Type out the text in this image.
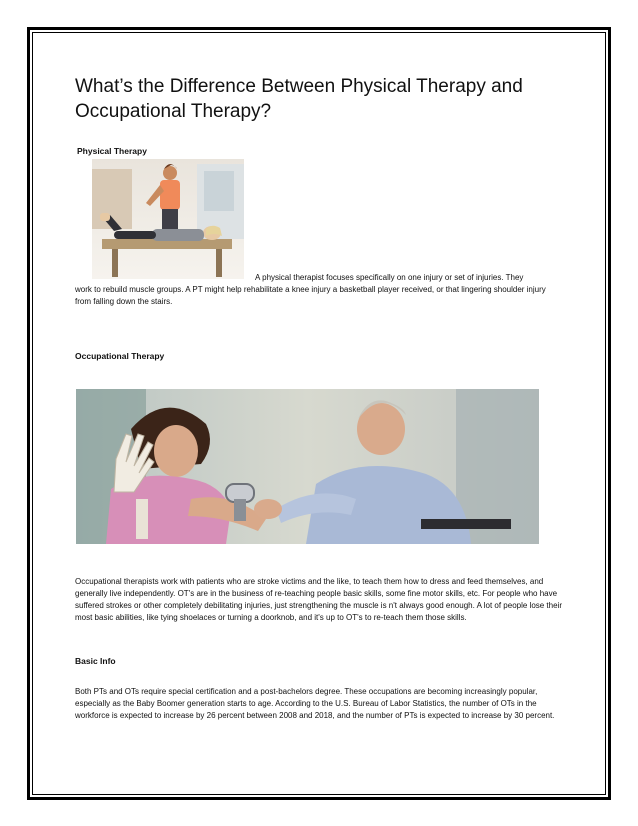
What’s the Difference Between Physical Therapy and Occupational Therapy?

Physical Therapy

A physical therapist focuses specifically on one injury or set of injuries. They

work to rebuild muscle groups. A PT might help rehabilitate a knee injury a basketball player received, or that lingering shoulder injury from falling down the stairs.

Occupational Therapy

Occupational therapists work with patients who are stroke victims and the like, to teach them how to dress and feed themselves, and generally live independently. OT's are in the business of re-teaching people basic skills, some fine motor skills, etc. For people who have suffered strokes or other completely debilitating injuries, just strengthening the muscle is n't always good enough. A lot of people lose their most basic abilities, like tying shoelaces or turning a doorknob, and it's up to OT's to re-teach them those skills.

Basic Info

Both PTs and OTs require special certification and a post-bachelors degree. These occupations are becoming increasingly popular, especially as the Baby Boomer generation starts to age. According to the U.S. Bureau of Labor Statistics, the number of OTs in the workforce is expected to increase by 26 percent between 2008 and 2018, and the number of PTs is expected to increase by 30 percent.
